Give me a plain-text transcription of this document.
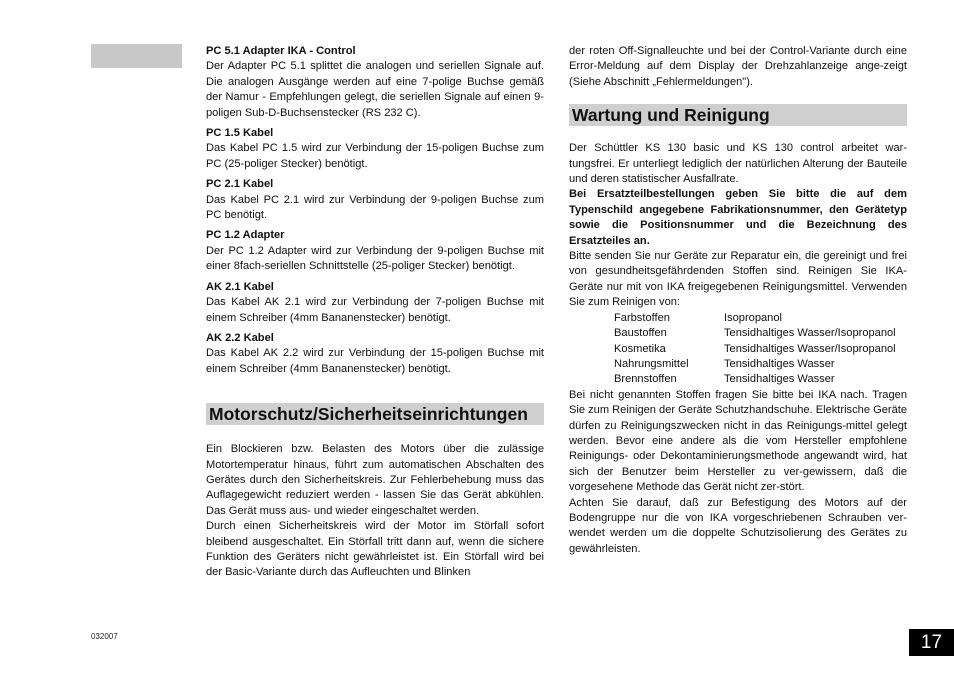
PC 5.1 Adapter IKA - Control

Der Adapter PC 5.1 splittet die analogen und seriellen Signale auf. Die analogen Ausgänge werden auf eine 7-polige Buchse gemäß der Namur - Empfehlungen gelegt, die seriellen Signale auf einen 9-poligen Sub-D-Buchsenstecker (RS 232 C).

PC 1.5 Kabel

Das Kabel PC 1.5 wird zur Verbindung der 15-poligen Buchse zum PC (25-poliger Stecker) benötigt.

PC 2.1 Kabel

Das Kabel PC 2.1 wird zur Verbindung der 9-poligen Buchse zum PC benötigt.

PC 1.2 Adapter

Der PC 1.2 Adapter wird zur Verbindung der 9-poligen Buchse mit einer 8fach-seriellen Schnittstelle (25-poliger Stecker) benötigt.

AK 2.1 Kabel

Das Kabel AK 2.1 wird zur Verbindung der 7-poligen Buchse mit einem Schreiber (4mm Bananenstecker) benötigt.

AK 2.2 Kabel

Das Kabel AK 2.2 wird zur Verbindung der 15-poligen Buchse mit einem Schreiber (4mm Bananenstecker) benötigt.

Motorschutz/Sicherheitseinrichtungen

Ein Blockieren bzw. Belasten des Motors über die zulässige Motortemperatur hinaus, führt zum automatischen Abschalten des Gerätes durch den Sicherheitskreis. Zur Fehlerbehebung muss das Auflagegewicht reduziert werden - lassen Sie das Gerät abkühlen. Das Gerät muss aus- und wieder eingeschaltet werden.

Durch einen Sicherheitskreis wird der Motor im Störfall sofort bleibend ausgeschaltet. Ein Störfall tritt dann auf, wenn die sichere Funktion des Geräters nicht gewährleistet ist. Ein Störfall wird bei der Basic-Variante durch das Aufleuchten und Blinken

der roten Off-Signalleuchte und bei der Control-Variante durch eine Error-Meldung auf dem Display der Drehzahlanzeige ange-zeigt (Siehe Abschnitt „Fehlermeldungen").

Wartung und Reinigung

Der Schüttler KS 130 basic und KS 130 control arbeitet war-tungsfrei. Er unterliegt lediglich der natürlichen Alterung der Bauteile und deren statistischer Ausfallrate.

Bei Ersatzteilbestellungen geben Sie bitte die auf dem Typenschild angegebene Fabrikationsnummer, den Gerätetyp sowie die Positionsnummer und die Bezeichnung des Ersatzteiles an.

Bitte senden Sie nur Geräte zur Reparatur ein, die gereinigt und frei von gesundheitsgefährdenden Stoffen sind. Reinigen Sie IKA-Geräte nur mit von IKA freigegebenen Reinigungsmittel. Verwenden Sie zum Reinigen von:

Farbstoffen	Isopropanol
Baustoffen	Tensidhaltiges Wasser/Isopropanol
Kosmetika	Tensidhaltiges Wasser/Isopropanol
Nahrungsmittel	Tensidhaltiges Wasser
Brennstoffen	Tensidhaltiges Wasser

Bei nicht genannten Stoffen fragen Sie bitte bei IKA nach. Tragen Sie zum Reinigen der Geräte Schutzhandschuhe. Elektrische Geräte dürfen zu Reinigungszwecken nicht in das Reinigungs-mittel gelegt werden. Bevor eine andere als die vom Hersteller empfohlene Reinigungs- oder Dekontaminierungsmethode angewandt wird, hat sich der Benutzer beim Hersteller zu ver-gewissern, daß die vorgesehene Methode das Gerät nicht zer-stört.

Achten Sie darauf, daß zur Befestigung des Motors auf der Bodengruppe nur die von IKA vorgeschriebenen Schrauben ver-wendet werden um die doppelte Schutzisolierung des Gerätes zu gewährleisten.

032007	17
